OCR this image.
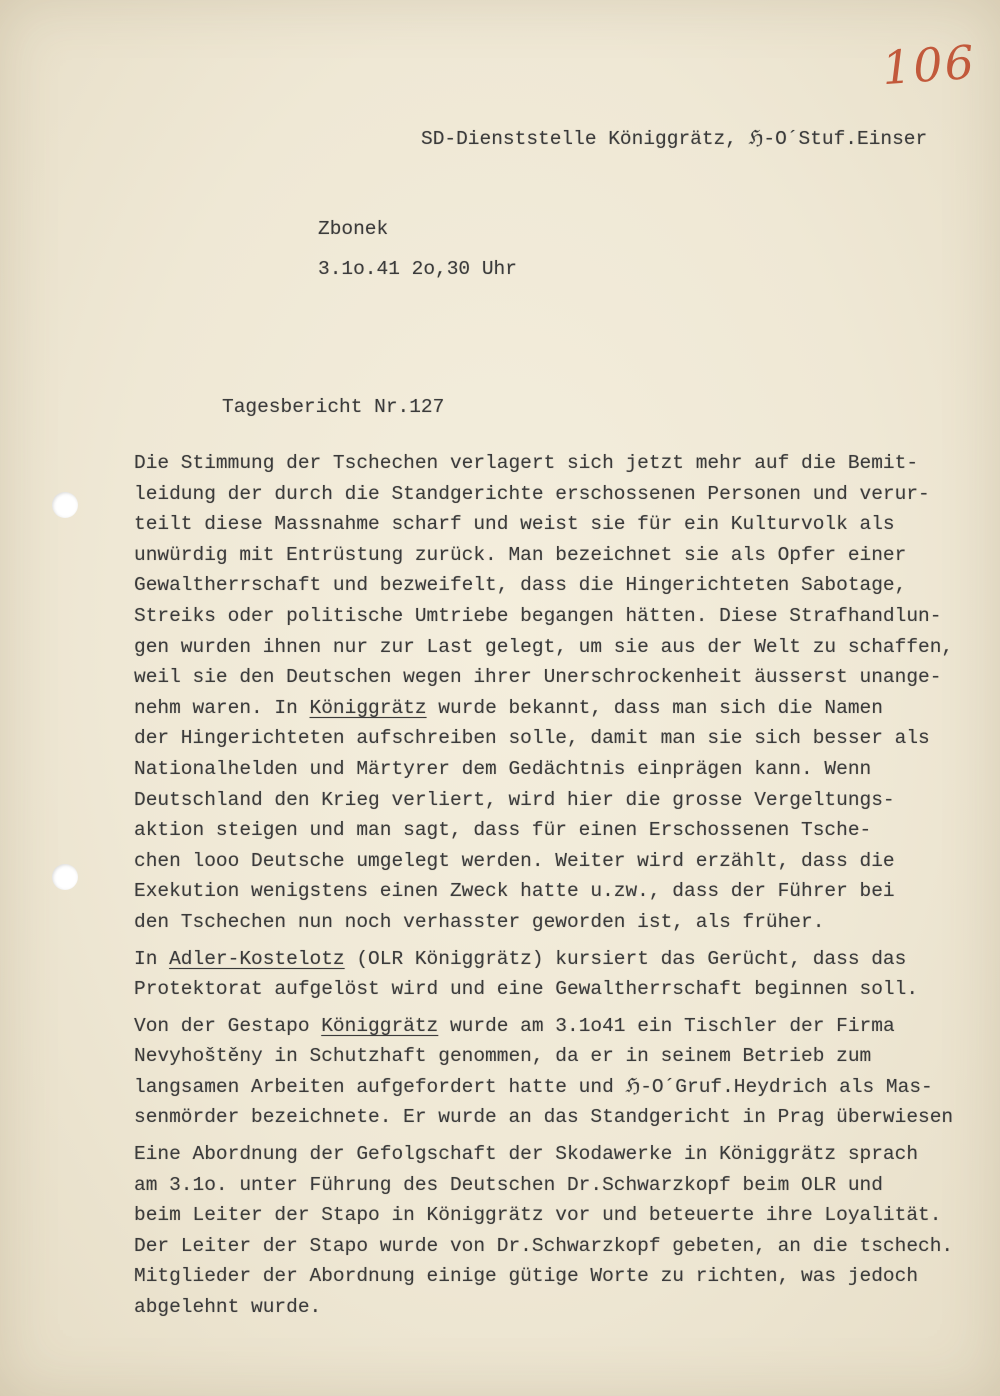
106
SD-Dienststelle Königgrätz, ℌ-O´Stuf.Einser
Zbonek
3.1o.41 2o,30 Uhr
Tagesbericht Nr.127
Die Stimmung der Tschechen verlagert sich jetzt mehr auf die Bemit-
leidung der durch die Standgerichte erschossenen Personen und verur-
teilt diese Massnahme scharf und weist sie für ein Kulturvolk als
unwürdig mit Entrüstung zurück. Man bezeichnet sie als Opfer einer
Gewaltherrschaft und bezweifelt, dass die Hingerichteten Sabotage,
Streiks oder politische Umtriebe begangen hätten. Diese Strafhandlun-
gen wurden ihnen nur zur Last gelegt, um sie aus der Welt zu schaffen,
weil sie den Deutschen wegen ihrer Unerschrockenheit äusserst unange-
nehm waren. In Königgrätz wurde bekannt, dass man sich die Namen
der Hingerichteten aufschreiben solle, damit man sie sich besser als
Nationalhelden und Märtyrer dem Gedächtnis einprägen kann. Wenn
Deutschland den Krieg verliert, wird hier die grosse Vergeltungs-
aktion steigen und man sagt, dass für einen Erschossenen Tsche-
chen looo Deutsche umgelegt werden. Weiter wird erzählt, dass die
Exekution wenigstens einen Zweck hatte u.zw., dass der Führer bei
den Tschechen nun noch verhasster geworden ist, als früher.
In Adler-Kostelotz (OLR Königgrätz) kursiert das Gerücht, dass das
Protektorat aufgelöst wird und eine Gewaltherrschaft beginnen soll.
Von der Gestapo Königgrätz wurde am 3.1o41 ein Tischler der Firma
Nevyhoštěny in Schutzhaft genommen, da er in seinem Betrieb zum
langsamen Arbeiten aufgefordert hatte und ℌ-O´Gruf.Heydrich als Mas-
senmörder bezeichnete. Er wurde an das Standgericht in Prag überwiesen
Eine Abordnung der Gefolgschaft der Skodawerke in Königgrätz sprach
am 3.1o. unter Führung des Deutschen Dr.Schwarzkopf beim OLR und
beim Leiter der Stapo in Königgrätz vor und beteuerte ihre Loyalität.
Der Leiter der Stapo wurde von Dr.Schwarzkopf gebeten, an die tschech.
Mitglieder der Abordnung einige gütige Worte zu richten, was jedoch
abgelehnt wurde.
